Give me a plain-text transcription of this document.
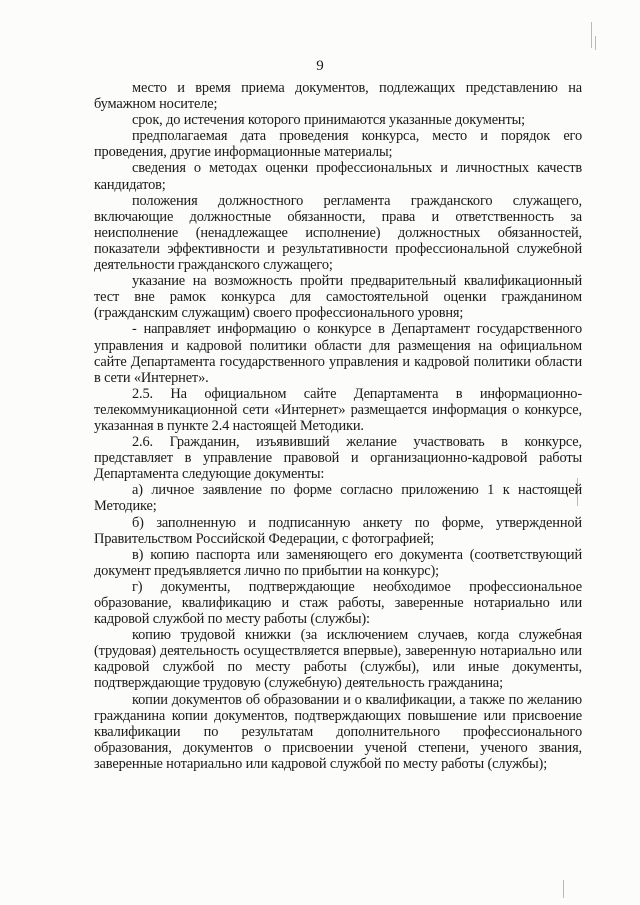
9

место и время приема документов, подлежащих представлению на бумажном носителе;

срок, до истечения которого принимаются указанные документы;

предполагаемая дата проведения конкурса, место и порядок его проведения, другие информационные материалы;

сведения о методах оценки профессиональных и личностных качеств кандидатов;

положения должностного регламента гражданского служащего, включающие должностные обязанности, права и ответственность за неисполнение (ненадлежащее исполнение) должностных обязанностей, показатели эффективности и результативности профессиональной служебной деятельности гражданского служащего;

указание на возможность пройти предварительный квалификационный тест вне рамок конкурса для самостоятельной оценки гражданином (гражданским служащим) своего профессионального уровня;

- направляет информацию о конкурсе в Департамент государственного управления и кадровой политики области для размещения на официальном сайте Департамента государственного управления и кадровой политики области в сети «Интернет».

2.5. На официальном сайте Департамента в информационно-телекоммуникационной сети «Интернет» размещается информация о конкурсе, указанная в пункте 2.4 настоящей Методики.

2.6. Гражданин, изъявивший желание участвовать в конкурсе, представляет в управление правовой и организационно-кадровой работы Департамента следующие документы:

а) личное заявление по форме согласно приложению 1 к настоящей Методике;

б) заполненную и подписанную анкету по форме, утвержденной Правительством Российской Федерации, с фотографией;

в) копию паспорта или заменяющего его документа (соответствующий документ предъявляется лично по прибытии на конкурс);

г) документы, подтверждающие необходимое профессиональное образование, квалификацию и стаж работы, заверенные нотариально или кадровой службой по месту работы (службы):

копию трудовой книжки (за исключением случаев, когда служебная (трудовая) деятельность осуществляется впервые), заверенную нотариально или кадровой службой по месту работы (службы), или иные документы, подтверждающие трудовую (служебную) деятельность гражданина;

копии документов об образовании и о квалификации, а также по желанию гражданина копии документов, подтверждающих повышение или присвоение квалификации по результатам дополнительного профессионального образования, документов о присвоении ученой степени, ученого звания, заверенные нотариально или кадровой службой по месту работы (службы);
